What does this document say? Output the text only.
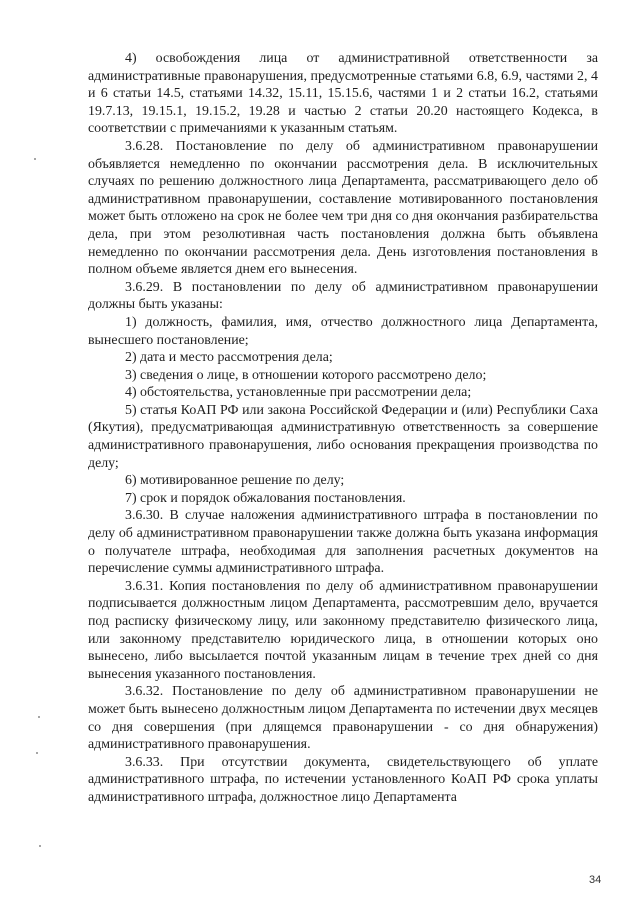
4) освобождения лица от административной ответственности за административные правонарушения, предусмотренные статьями 6.8, 6.9, частями 2, 4 и 6 статьи 14.5, статьями 14.32, 15.11, 15.15.6, частями 1 и 2 статьи 16.2, статьями 19.7.13, 19.15.1, 19.15.2, 19.28 и частью 2 статьи 20.20 настоящего Кодекса, в соответствии с примечаниями к указанным статьям.

3.6.28. Постановление по делу об административном правонарушении объявляется немедленно по окончании рассмотрения дела. В исключительных случаях по решению должностного лица Департамента, рассматривающего дело об административном правонарушении, составление мотивированного постановления может быть отложено на срок не более чем три дня со дня окончания разбирательства дела, при этом резолютивная часть постановления должна быть объявлена немедленно по окончании рассмотрения дела. День изготовления постановления в полном объеме является днем его вынесения.

3.6.29. В постановлении по делу об административном правонарушении должны быть указаны:

1) должность, фамилия, имя, отчество должностного лица Департамента, вынесшего постановление;

2) дата и место рассмотрения дела;

3) сведения о лице, в отношении которого рассмотрено дело;

4) обстоятельства, установленные при рассмотрении дела;

5) статья КоАП РФ или закона Российской Федерации и (или) Республики Саха (Якутия), предусматривающая административную ответственность за совершение административного правонарушения, либо основания прекращения производства по делу;

6) мотивированное решение по делу;

7) срок и порядок обжалования постановления.

3.6.30. В случае наложения административного штрафа в постановлении по делу об административном правонарушении также должна быть указана информация о получателе штрафа, необходимая для заполнения расчетных документов на перечисление суммы административного штрафа.

3.6.31. Копия постановления по делу об административном правонарушении подписывается должностным лицом Департамента, рассмотревшим дело, вручается под расписку физическому лицу, или законному представителю физического лица, или законному представителю юридического лица, в отношении которых оно вынесено, либо высылается почтой указанным лицам в течение трех дней со дня вынесения указанного постановления.

3.6.32. Постановление по делу об административном правонарушении не может быть вынесено должностным лицом Департамента по истечении двух месяцев со дня совершения (при длящемся правонарушении - со дня обнаружения) административного правонарушения.

3.6.33. При отсутствии документа, свидетельствующего об уплате административного штрафа, по истечении установленного КоАП РФ срока уплаты административного штрафа, должностное лицо Департамента

34
